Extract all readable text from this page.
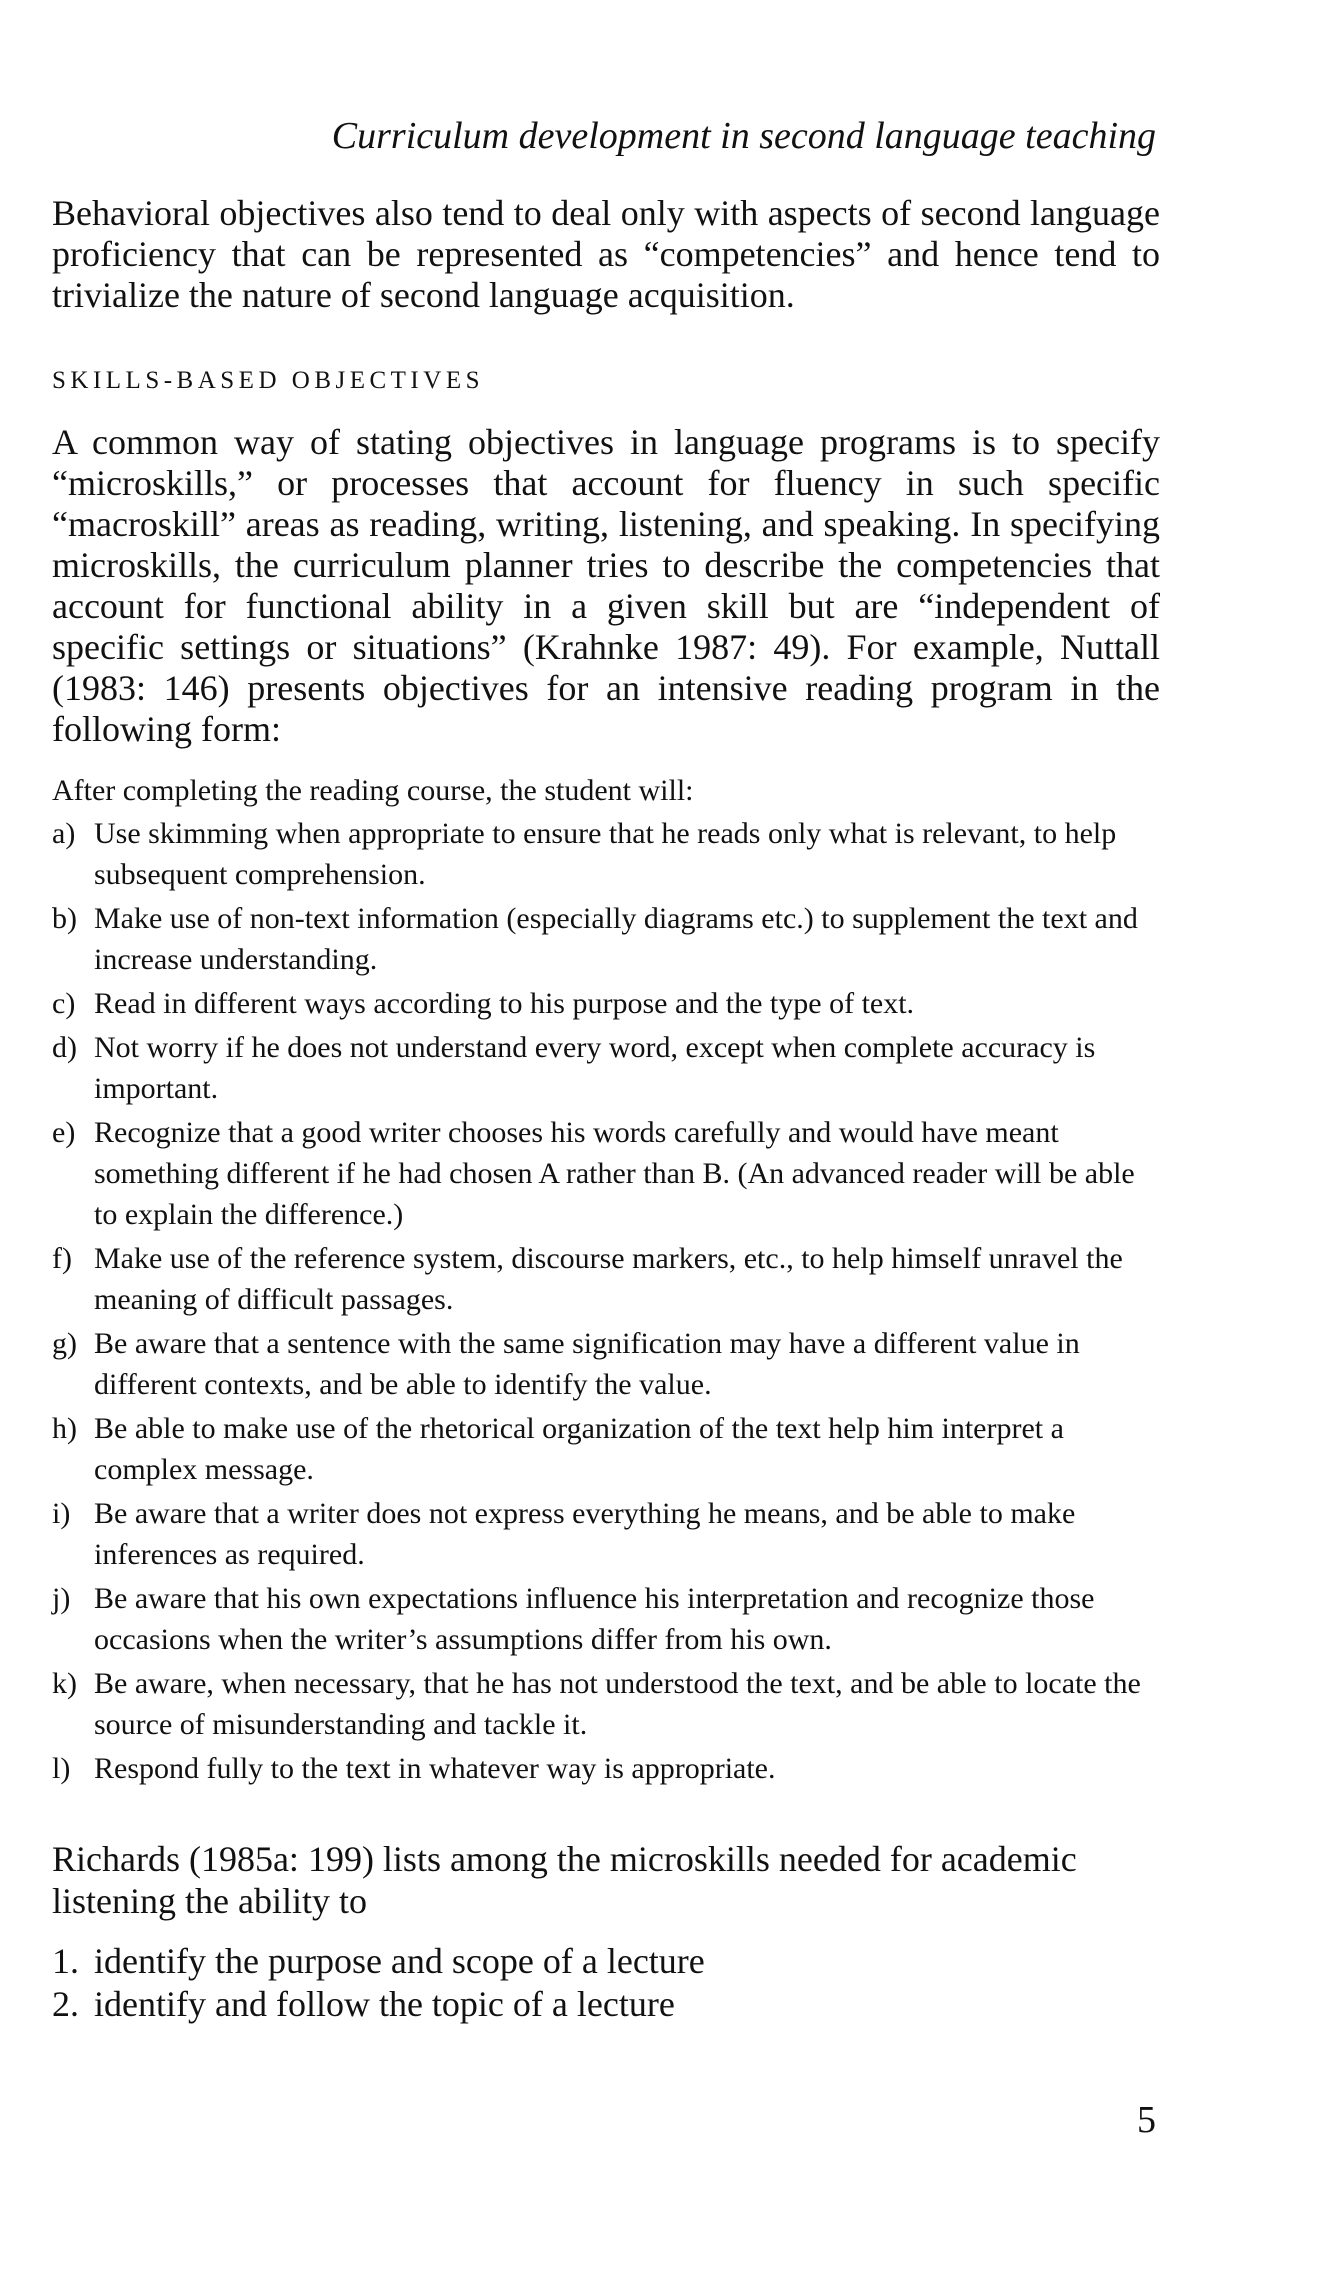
Curriculum development in second language teaching

Behavioral objectives also tend to deal only with aspects of second language proficiency that can be represented as “competencies” and hence tend to trivialize the nature of second language acquisition.

SKILLS-BASED OBJECTIVES

A common way of stating objectives in language programs is to specify “microskills,” or processes that account for fluency in such specific “macroskill” areas as reading, writing, listening, and speaking. In specifying microskills, the curriculum planner tries to describe the competencies that account for functional ability in a given skill but are “independent of specific settings or situations” (Krahnke 1987: 49). For example, Nuttall (1983: 146) presents objectives for an intensive reading program in the following form:

After completing the reading course, the student will:

a) Use skimming when appropriate to ensure that he reads only what is relevant, to help subsequent comprehension.
b) Make use of non-text information (especially diagrams etc.) to supplement the text and increase understanding.
c) Read in different ways according to his purpose and the type of text.
d) Not worry if he does not understand every word, except when complete accuracy is important.
e) Recognize that a good writer chooses his words carefully and would have meant something different if he had chosen A rather than B. (An advanced reader will be able to explain the difference.)
f) Make use of the reference system, discourse markers, etc., to help himself unravel the meaning of difficult passages.
g) Be aware that a sentence with the same signification may have a different value in different contexts, and be able to identify the value.
h) Be able to make use of the rhetorical organization of the text help him interpret a complex message.
i) Be aware that a writer does not express everything he means, and be able to make inferences as required.
j) Be aware that his own expectations influence his interpretation and recognize those occasions when the writer’s assumptions differ from his own.
k) Be aware, when necessary, that he has not understood the text, and be able to locate the source of misunderstanding and tackle it.
l) Respond fully to the text in whatever way is appropriate.

Richards (1985a: 199) lists among the microskills needed for academic listening the ability to

1. identify the purpose and scope of a lecture
2. identify and follow the topic of a lecture
5
